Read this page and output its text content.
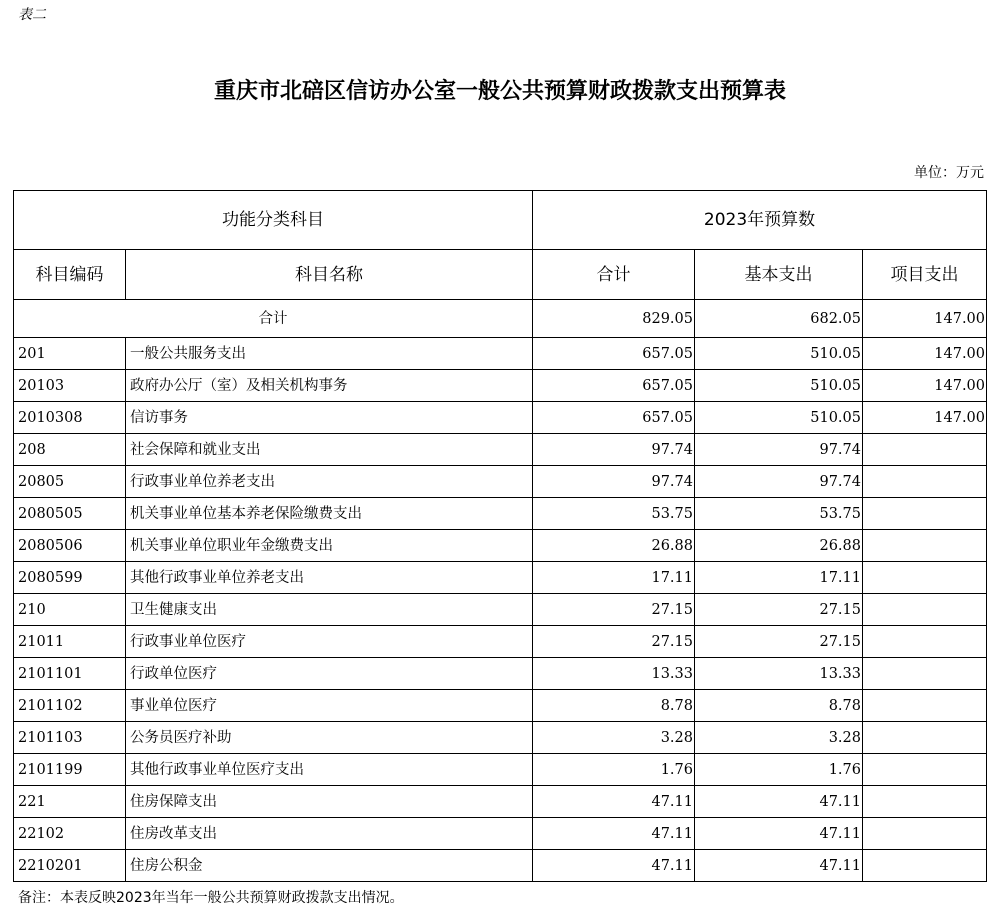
表二
重庆市北碚区信访办公室一般公共预算财政拨款支出预算表
单位：万元
功能分类科目		2023年预算数		
科目编码	科目名称	合计	基本支出	项目支出
合计		829.05	682.05	147.00
201	一般公共服务支出	657.05	510.05	147.00
20103	政府办公厅（室）及相关机构事务	657.05	510.05	147.00
2010308	信访事务	657.05	510.05	147.00
208	社会保障和就业支出	97.74	97.74	
20805	行政事业单位养老支出	97.74	97.74	
2080505	机关事业单位基本养老保险缴费支出	53.75	53.75	
2080506	机关事业单位职业年金缴费支出	26.88	26.88	
2080599	其他行政事业单位养老支出	17.11	17.11	
210	卫生健康支出	27.15	27.15	
21011	行政事业单位医疗	27.15	27.15	
2101101	行政单位医疗	13.33	13.33	
2101102	事业单位医疗	8.78	8.78	
2101103	公务员医疗补助	3.28	3.28	
2101199	其他行政事业单位医疗支出	1.76	1.76	
221	住房保障支出	47.11	47.11	
22102	住房改革支出	47.11	47.11	
2210201	住房公积金	47.11	47.11	
备注：本表反映2023年当年一般公共预算财政拨款支出情况。
